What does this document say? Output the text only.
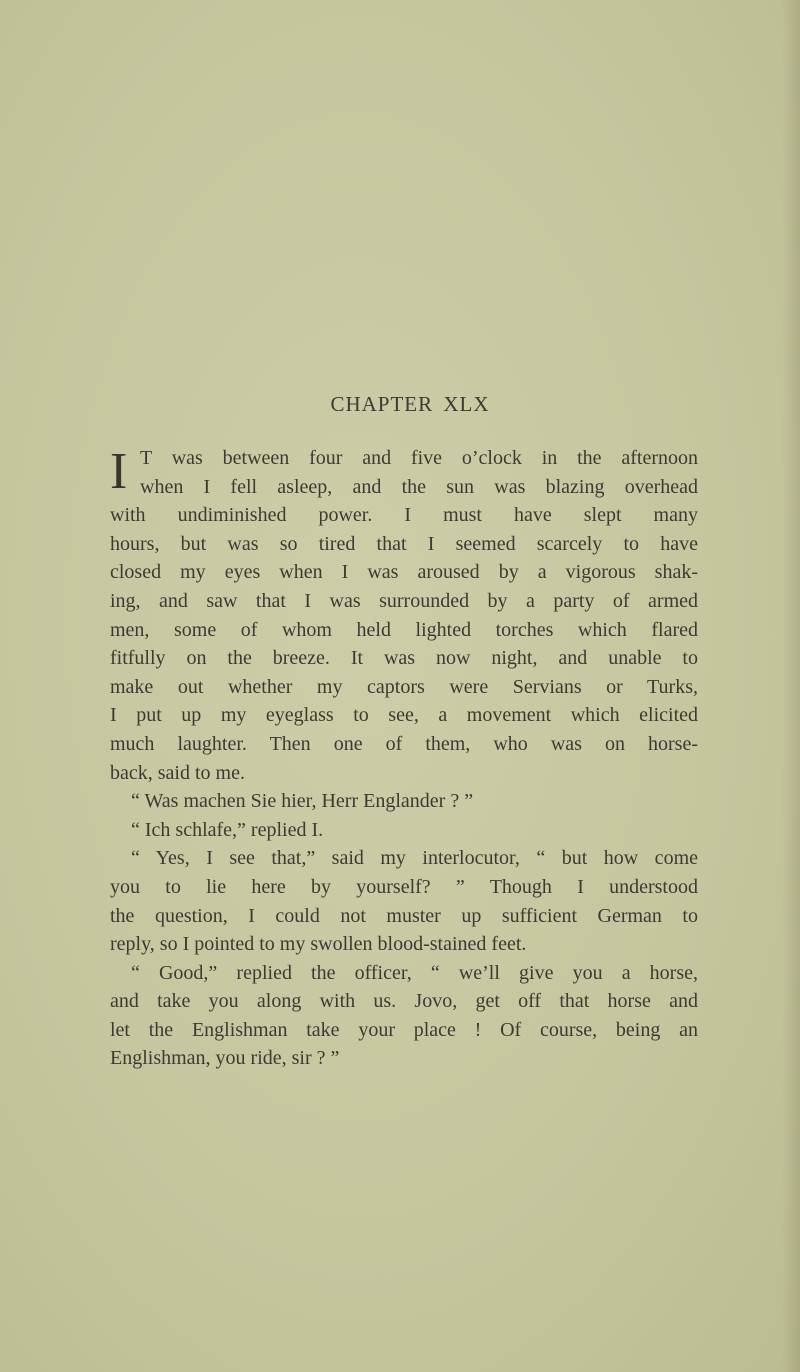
CHAPTER XLX
I T was between four and five o’clock in the afternoon
when I fell asleep, and the sun was blazing overhead
with undiminished power. I must have slept many
hours, but was so tired that I seemed scarcely to have
closed my eyes when I was aroused by a vigorous shak-
ing, and saw that I was surrounded by a party of armed
men, some of whom held lighted torches which flared
fitfully on the breeze. It was now night, and unable to
make out whether my captors were Servians or Turks,
I put up my eyeglass to see, a movement which elicited
much laughter. Then one of them, who was on horse-
back, said to me.
“ Was machen Sie hier, Herr Englander ? ”
“ Ich schlafe,” replied I.
“ Yes, I see that,” said my interlocutor, “ but how come
you to lie here by yourself? ” Though I understood
the question, I could not muster up sufficient German to
reply, so I pointed to my swollen blood-stained feet.
“ Good,” replied the officer, “ we’ll give you a horse,
and take you along with us. Jovo, get off that horse and
let the Englishman take your place ! Of course, being an
Englishman, you ride, sir ? ”
